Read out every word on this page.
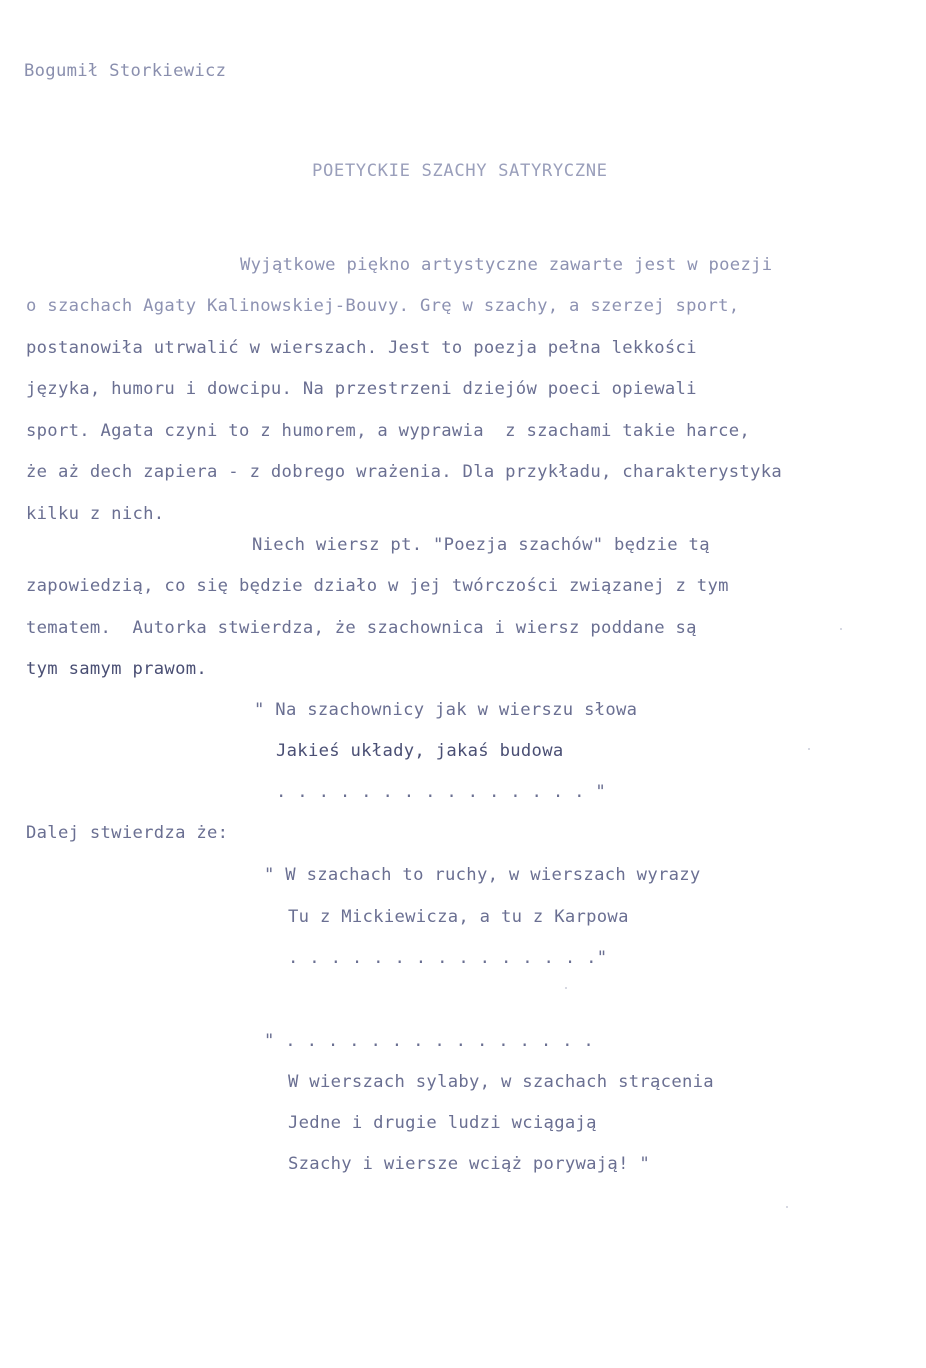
Bogumił Storkiewicz
POETYCKIE SZACHY SATYRYCZNE
Wyjątkowe piękno artystyczne zawarte jest w poezji
o szachach Agaty Kalinowskiej-Bouvy. Grę w szachy, a szerzej sport,
postanowiła utrwalić w wierszach. Jest to poezja pełna lekkości
języka, humoru i dowcipu. Na przestrzeni dziejów poeci opiewali
sport. Agata czyni to z humorem, a wyprawia  z szachami takie harce,
że aż dech zapiera - z dobrego wrażenia. Dla przykładu, charakterystyka
kilku z nich.
Niech wiersz pt. "Poezja szachów" będzie tą
zapowiedzią, co się będzie działo w jej twórczości związanej z tym
tematem.  Autorka stwierdza, że szachownica i wiersz poddane są
tym samym prawom.
" Na szachownicy jak w wierszu słowa
Jakieś układy, jakaś budowa
. . . . . . . . . . . . . . . "
Dalej stwierdza że:
" W szachach to ruchy, w wierszach wyrazy
Tu z Mickiewicza, a tu z Karpowa
. . . . . . . . . . . . . . ."
" . . . . . . . . . . . . . . .
W wierszach sylaby, w szachach strącenia
Jedne i drugie ludzi wciągają
Szachy i wiersze wciąż porywają! "
